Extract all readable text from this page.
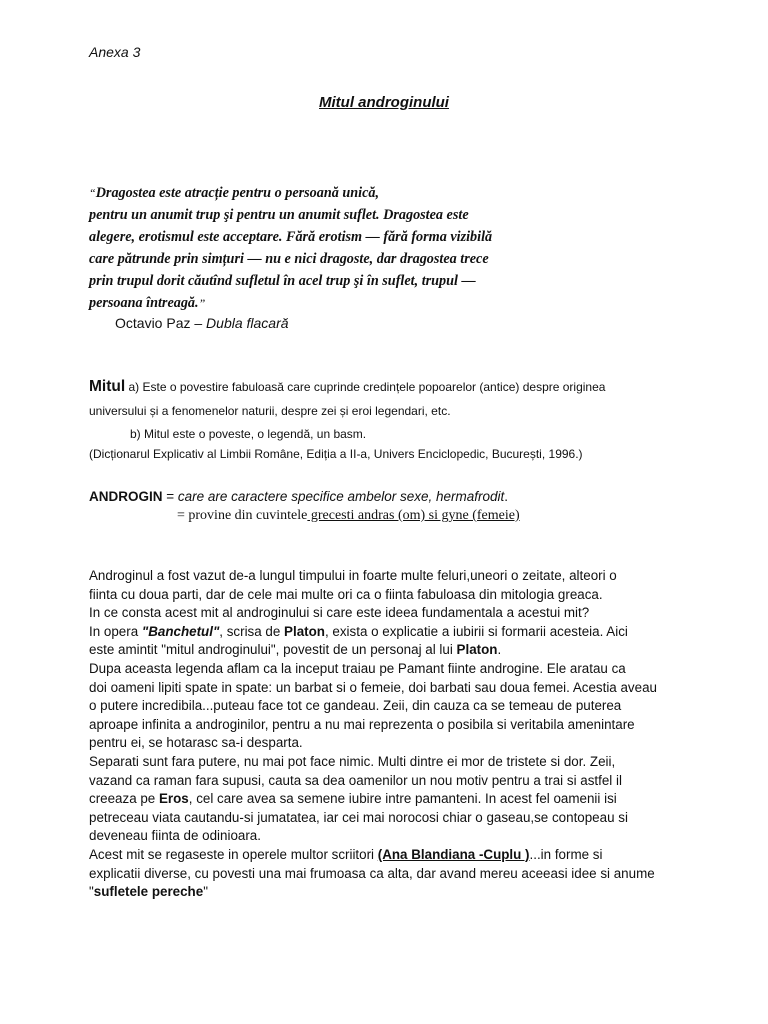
Anexa 3
Mitul androginului
“Dragostea este atracție pentru o persoană unică,
pentru un anumit trup şi pentru un anumit suflet. Dragostea este
alegere, erotismul este acceptare. Fără erotism — fără forma vizibilă
care pătrunde prin simțuri — nu e nici dragoste, dar dragostea trece
prin trupul dorit căutînd sufletul în acel trup şi în suflet, trupul —
persoana întreagă.”
Octavio Paz – Dubla flacară
Mitul a) Este o povestire fabuloasă care cuprinde credințele popoarelor (antice) despre originea
universului și a fenomenelor naturii, despre zei și eroi legendari, etc.
b) Mitul este o poveste, o legendă, un basm.
(Dicționarul Explicativ al Limbii Române, Ediția a II-a, Univers Enciclopedic, București, 1996.)
ANDROGIN = care are caractere specifice ambelor sexe, hermafrodit.
= provine din cuvintele grecesti andras (om) si gyne (femeie)
Androginul a fost vazut de-a lungul timpului in foarte multe feluri,uneori o zeitate, alteori o
fiinta cu doua parti, dar de cele mai multe ori ca o fiinta fabuloasa din mitologia greaca.
In ce consta acest mit al androginului si care este ideea fundamentala a acestui mit?
In opera "Banchetul", scrisa de Platon, exista o explicatie a iubirii si formarii acesteia. Aici
este amintit "mitul androginului", povestit de un personaj al lui Platon.
Dupa aceasta legenda aflam ca la inceput traiau pe Pamant fiinte androgine. Ele aratau ca
doi oameni lipiti spate in spate: un barbat si o femeie, doi barbati sau doua femei. Acestia aveau
o putere incredibila...puteau face tot ce gandeau. Zeii, din cauza ca se temeau de puterea
aproape infinita a androginilor, pentru a nu mai reprezenta o posibila si veritabila amenintare
pentru ei, se hotarasc sa-i desparta.
Separati sunt fara putere, nu mai pot face nimic. Multi dintre ei mor de tristete si dor. Zeii,
vazand ca raman fara supusi, cauta sa dea oamenilor un nou motiv pentru a trai si astfel il
creeaza pe Eros, cel care avea sa semene iubire intre pamanteni. In acest fel oamenii isi
petreceau viata cautandu-si jumatatea, iar cei mai norocosi chiar o gaseau,se contopeau si
deveneau fiinta de odinioara.
Acest mit se regaseste in operele multor scriitori (Ana Blandiana -Cuplu )...in forme si
explicatii diverse, cu povesti una mai frumoasa ca alta, dar avand mereu aceeasi idee si anume
"sufletele pereche"
